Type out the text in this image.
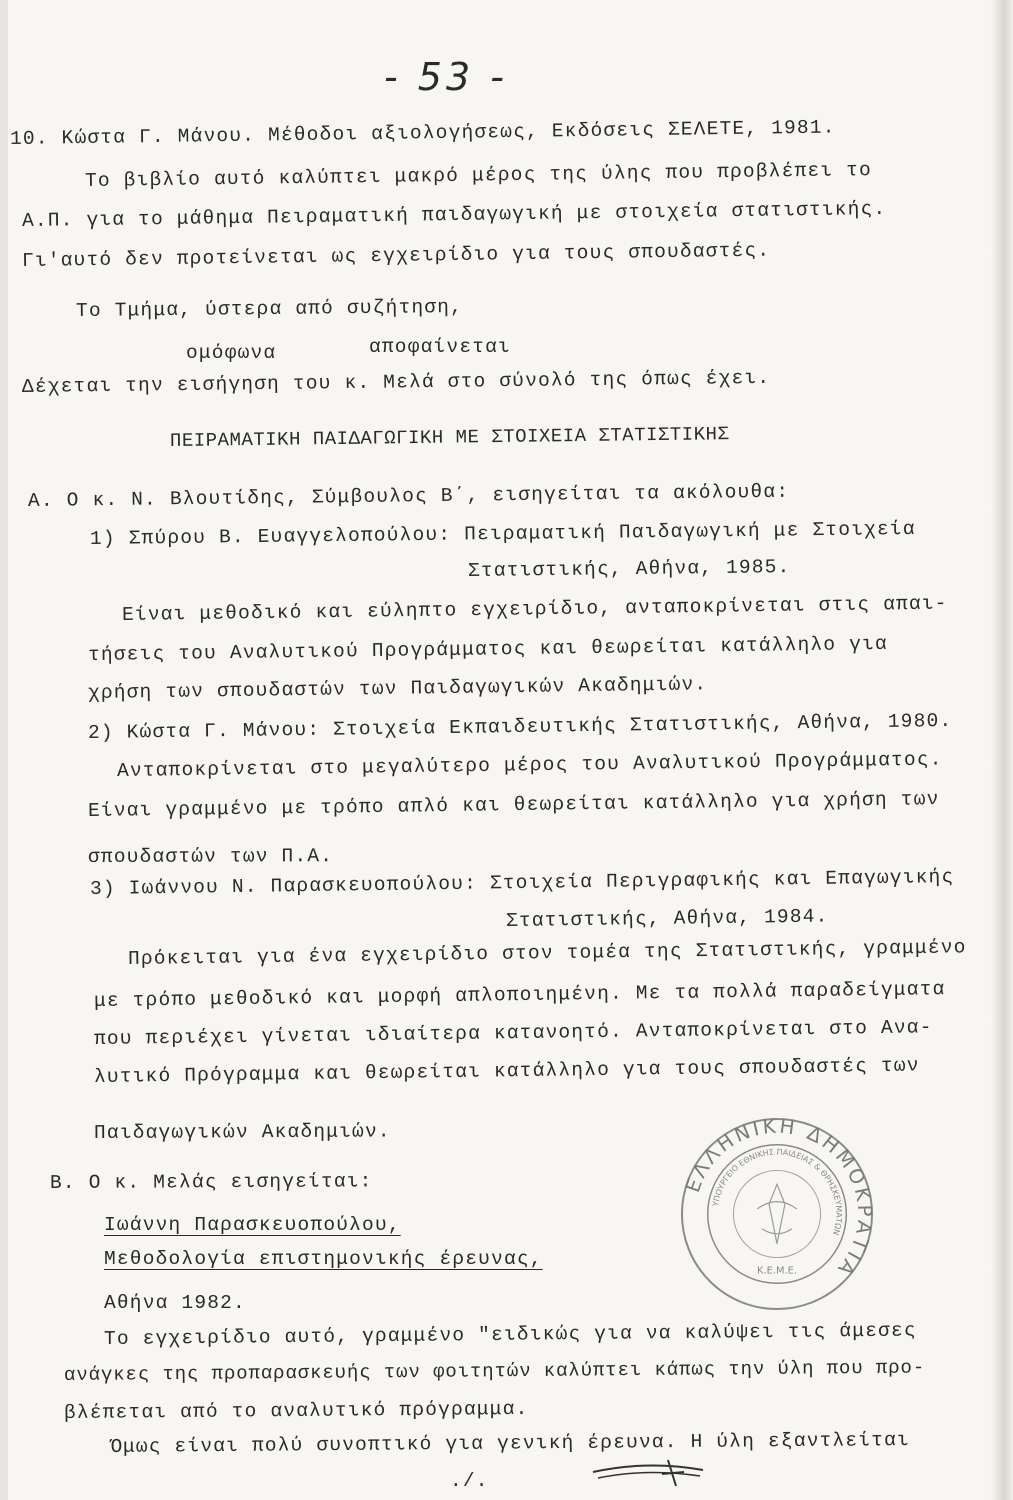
- 53 -
10. Κώστα Γ. Μάνου. Μέθοδοι αξιολογήσεως, Εκδόσεις ΣΕΛΕΤΕ, 1981.
Το βιβλίο αυτό καλύπτει μακρό μέρος της ύλης που προβλέπει το
Α.Π. για το μάθημα Πειραματική παιδαγωγική με στοιχεία στατιστικής.
Γι'αυτό δεν προτείνεται ως εγχειρίδιο για τους σπουδαστές.
Το Τμήμα, ύστερα από συζήτηση,
ομόφωνα	αποφαίνεται
Δέχεται την εισήγηση του κ. Μελά στο σύνολό της όπως έχει.
ΠΕΙΡΑΜΑΤΙΚΗ ΠΑΙΔΑΓΩΓΙΚΗ ΜΕ ΣΤΟΙΧΕΙΑ ΣΤΑΤΙΣΤΙΚΗΣ
Α. Ο κ. Ν. Βλουτίδης, Σύμβουλος Β΄, εισηγείται τα ακόλουθα:
1) Σπύρου Β. Ευαγγελοπούλου: Πειραματική Παιδαγωγική με Στοιχεία
Στατιστικής, Αθήνα, 1985.
Είναι μεθοδικό και εύληπτο εγχειρίδιο, ανταποκρίνεται στις απαι-
τήσεις του Αναλυτικού Προγράμματος και θεωρείται κατάλληλο για
χρήση των σπουδαστών των Παιδαγωγικών Ακαδημιών.
2) Κώστα Γ. Μάνου: Στοιχεία Εκπαιδευτικής Στατιστικής, Αθήνα, 1980.
Ανταποκρίνεται στο μεγαλύτερο μέρος του Αναλυτικού Προγράμματος.
Είναι γραμμένο με τρόπο απλό και θεωρείται κατάλληλο για χρήση των
σπουδαστών των Π.Α.
3) Ιωάννου Ν. Παρασκευοπούλου: Στοιχεία Περιγραφικής και Επαγωγικής
Στατιστικής, Αθήνα, 1984.
Πρόκειται για ένα εγχειρίδιο στον τομέα της Στατιστικής, γραμμένο
με τρόπο μεθοδικό και μορφή απλοποιημένη. Με τα πολλά παραδείγματα
που περιέχει γίνεται ιδιαίτερα κατανοητό. Ανταποκρίνεται στο Ανα-
λυτικό Πρόγραμμα και θεωρείται κατάλληλο για τους σπουδαστές των
Παιδαγωγικών Ακαδημιών.
Β. Ο κ. Μελάς εισηγείται:
Ιωάννη Παρασκευοπούλου,
Μεθοδολογία επιστημονικής έρευνας,
Αθήνα 1982.
Το εγχειρίδιο αυτό, γραμμένο "ειδικώς για να καλύψει τις άμεσες
ανάγκες της προπαρασκευής των φοιτητών καλύπτει κάπως την ύλη που προ-
βλέπεται από το αναλυτικό πρόγραμμα.
Όμως είναι πολύ συνοπτικό για γενική έρευνα. Η ύλη εξαντλείται
./.
ΕΛΛΗΝΙΚΗ ΔΗΜΟΚΡΑΤΙΑ
ΥΠΟΥΡΓΕΙΟ ΕΘΝΙΚΗΣ ΠΑΙΔΕΙΑΣ & ΘΡΗΣΚΕΥΜΑΤΩΝ
Κ.Ε.Μ.Ε.
